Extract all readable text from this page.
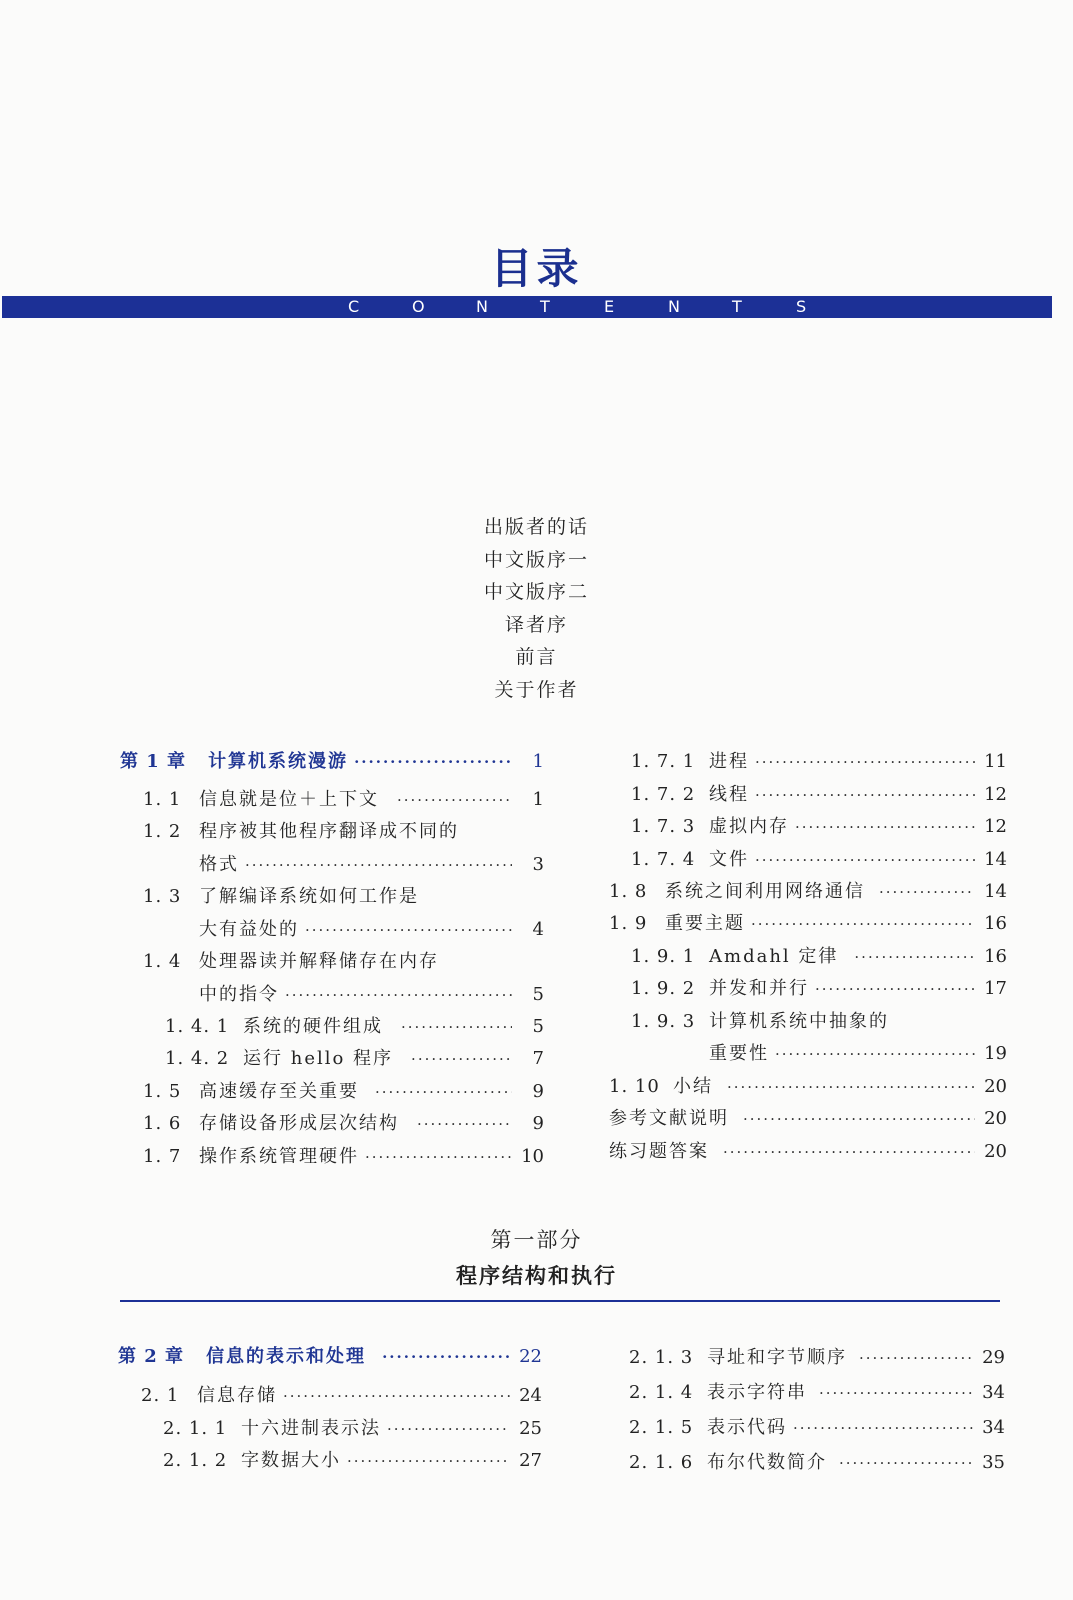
目录
C	O	N	T	E	N	T	S
出版者的话
中文版序一
中文版序二
译者序
前言
关于作者
第 1 章 计算机系统漫游 ·····	1
1. 1 信息就是位＋上下文 ·····	1
1. 2 程序被其他程序翻译成不同的
格式 ·····	3
1. 3 了解编译系统如何工作是
大有益处的 ·····	4
1. 4 处理器读并解释储存在内存
中的指令 ·····	5
1. 4. 1 系统的硬件组成 ·····	5
1. 4. 2 运行 hello 程序 ·····	7
1. 5 高速缓存至关重要 ·····	9
1. 6 存储设备形成层次结构 ·····	9
1. 7 操作系统管理硬件 ·····	10
1. 7. 1 进程 ·····	11
1. 7. 2 线程 ·····	12
1. 7. 3 虚拟内存 ·····	12
1. 7. 4 文件 ·····	14
1. 8 系统之间利用网络通信 ·····	14
1. 9 重要主题 ·····	16
1. 9. 1 Amdahl 定律 ·····	16
1. 9. 2 并发和并行 ·····	17
1. 9. 3 计算机系统中抽象的
重要性 ·····	19
1. 10 小结 ·····	20
参考文献说明 ·····	20
练习题答案 ·····	20
第一部分
程序结构和执行
第 2 章 信息的表示和处理 ·····	22
2. 1 信息存储 ·····	24
2. 1. 1 十六进制表示法 ·····	25
2. 1. 2 字数据大小 ·····	27
2. 1. 3 寻址和字节顺序 ·····	29
2. 1. 4 表示字符串 ·····	34
2. 1. 5 表示代码 ·····	34
2. 1. 6 布尔代数简介 ·····	35
